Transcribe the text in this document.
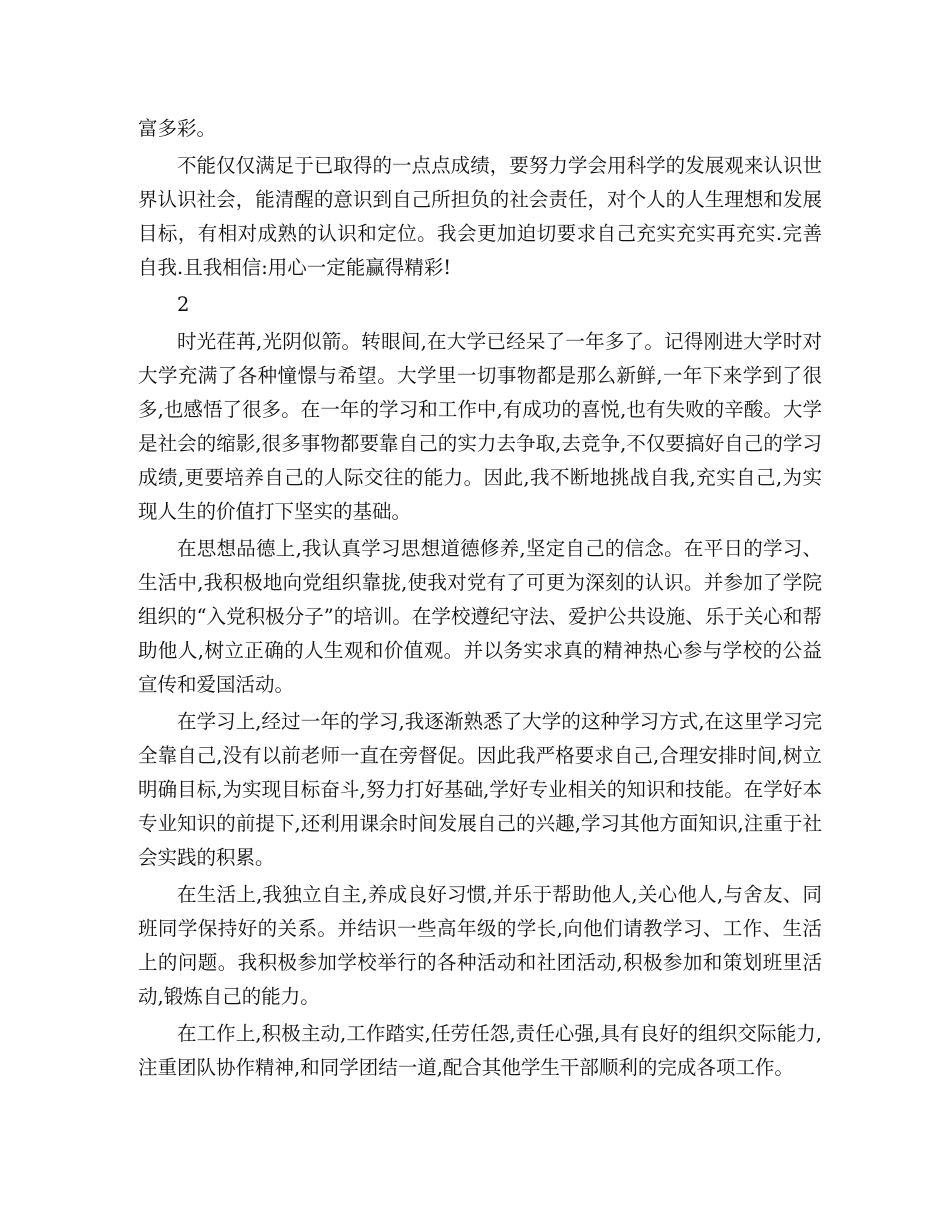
富多彩。

不能仅仅满足于已取得的一点点成绩，要努力学会用科学的发展观来认识世界认识社会，能清醒的意识到自己所担负的社会责任，对个人的人生理想和发展目标，有相对成熟的认识和定位。我会更加迫切要求自己充实充实再充实.完善自我.且我相信:用心一定能赢得精彩!

2

时光荏苒,光阴似箭。转眼间,在大学已经呆了一年多了。记得刚进大学时对大学充满了各种憧憬与希望。大学里一切事物都是那么新鲜,一年下来学到了很多,也感悟了很多。在一年的学习和工作中,有成功的喜悦,也有失败的辛酸。大学是社会的缩影,很多事物都要靠自己的实力去争取,去竞争,不仅要搞好自己的学习成绩,更要培养自己的人际交往的能力。因此,我不断地挑战自我,充实自己,为实现人生的价值打下坚实的基础。

在思想品德上,我认真学习思想道德修养,坚定自己的信念。在平日的学习、生活中,我积极地向党组织靠拢,使我对党有了可更为深刻的认识。并参加了学院组织的“入党积极分子”的培训。在学校遵纪守法、爱护公共设施、乐于关心和帮助他人,树立正确的人生观和价值观。并以务实求真的精神热心参与学校的公益宣传和爱国活动。

在学习上,经过一年的学习,我逐渐熟悉了大学的这种学习方式,在这里学习完全靠自己,没有以前老师一直在旁督促。因此我严格要求自己,合理安排时间,树立明确目标,为实现目标奋斗,努力打好基础,学好专业相关的知识和技能。在学好本专业知识的前提下,还利用课余时间发展自己的兴趣,学习其他方面知识,注重于社会实践的积累。

在生活上,我独立自主,养成良好习惯,并乐于帮助他人,关心他人,与舍友、同班同学保持好的关系。并结识一些高年级的学长,向他们请教学习、工作、生活上的问题。我积极参加学校举行的各种活动和社团活动,积极参加和策划班里活动,锻炼自己的能力。

在工作上,积极主动,工作踏实,任劳任怨,责任心强,具有良好的组织交际能力,注重团队协作精神,和同学团结一道,配合其他学生干部顺利的完成各项工作。
